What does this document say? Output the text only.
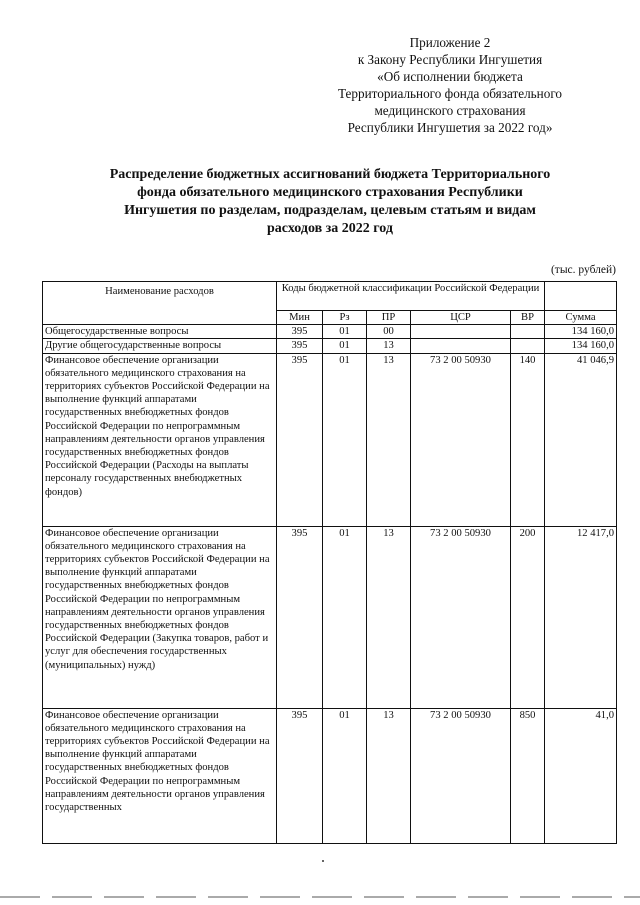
Приложение 2
к Закону Республики Ингушетия
«Об исполнении бюджета
Территориального фонда обязательного
медицинского страхования
Республики Ингушетия за 2022 год»
Распределение бюджетных ассигнований бюджета Территориального
фонда обязательного медицинского страхования Республики
Ингушетия по разделам, подразделам, целевым статьям и видам
расходов за 2022 год
(тыс. рублей)
Наименование расходов	Коды бюджетной классификации Российской Федерации					
	Мин	Рз	ПР	ЦСР	ВР	Сумма
Общегосударственные вопросы	395	01	00			134 160,0
Другие общегосударственные вопросы	395	01	13			134 160,0
Финансовое обеспечение организации обязательного медицинского страхования на территориях субъектов Российской Федерации на выполнение функций аппаратами государственных внебюджетных фондов Российской Федерации по непрограммным направлениям деятельности органов управления государственных внебюджетных фондов Российской Федерации (Расходы на выплаты персоналу государственных внебюджетных фондов)	395	01	13	73 2 00 50930	140	41 046,9
Финансовое обеспечение организации обязательного медицинского страхования на территориях субъектов Российской Федерации на выполнение функций аппаратами государственных внебюджетных фондов Российской Федерации по непрограммным направлениям деятельности органов управления государственных внебюджетных фондов Российской Федерации (Закупка товаров, работ и услуг для обеспечения государственных (муниципальных) нужд)	395	01	13	73 2 00 50930	200	12 417,0
Финансовое обеспечение организации обязательного медицинского страхования на территориях субъектов Российской Федерации на выполнение функций аппаратами государственных внебюджетных фондов Российской Федерации по непрограммным направлениям деятельности органов управления государственных	395	01	13	73 2 00 50930	850	41,0
